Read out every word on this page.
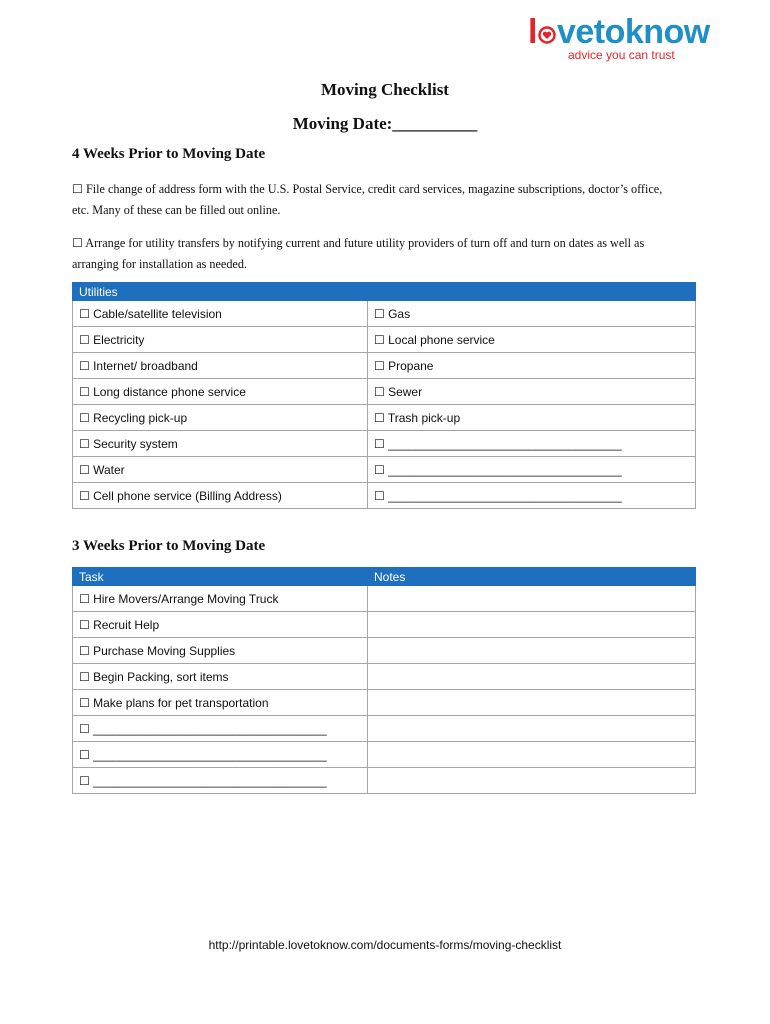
l vetoknow
advice you can trust
Moving Checklist
Moving Date:__________
4 Weeks Prior to Moving Date
☐ File change of address form with the U.S. Postal Service, credit card services, magazine subscriptions, doctor’s office,
etc. Many of these can be filled out online.
☐ Arrange for utility transfers by notifying current and future utility providers of turn off and turn on dates as well as
arranging for installation as needed.
Utilities	
☐ Cable/satellite television	☐ Gas
☐ Electricity	☐ Local phone service
☐ Internet/ broadband	☐ Propane
☐ Long distance phone service	☐ Sewer
☐ Recycling pick-up	☐ Trash pick-up
☐ Security system	☐ ___________________________________
☐ Water	☐ ___________________________________
☐ Cell phone service (Billing Address)	☐ ___________________________________
3 Weeks Prior to Moving Date
Task	Notes
☐ Hire Movers/Arrange Moving Truck	
☐ Recruit Help	
☐ Purchase Moving Supplies	
☐ Begin Packing, sort items	
☐ Make plans for pet transportation	
☐ ___________________________________	
☐ ___________________________________	
☐ ___________________________________	
http://printable.lovetoknow.com/documents-forms/moving-checklist
